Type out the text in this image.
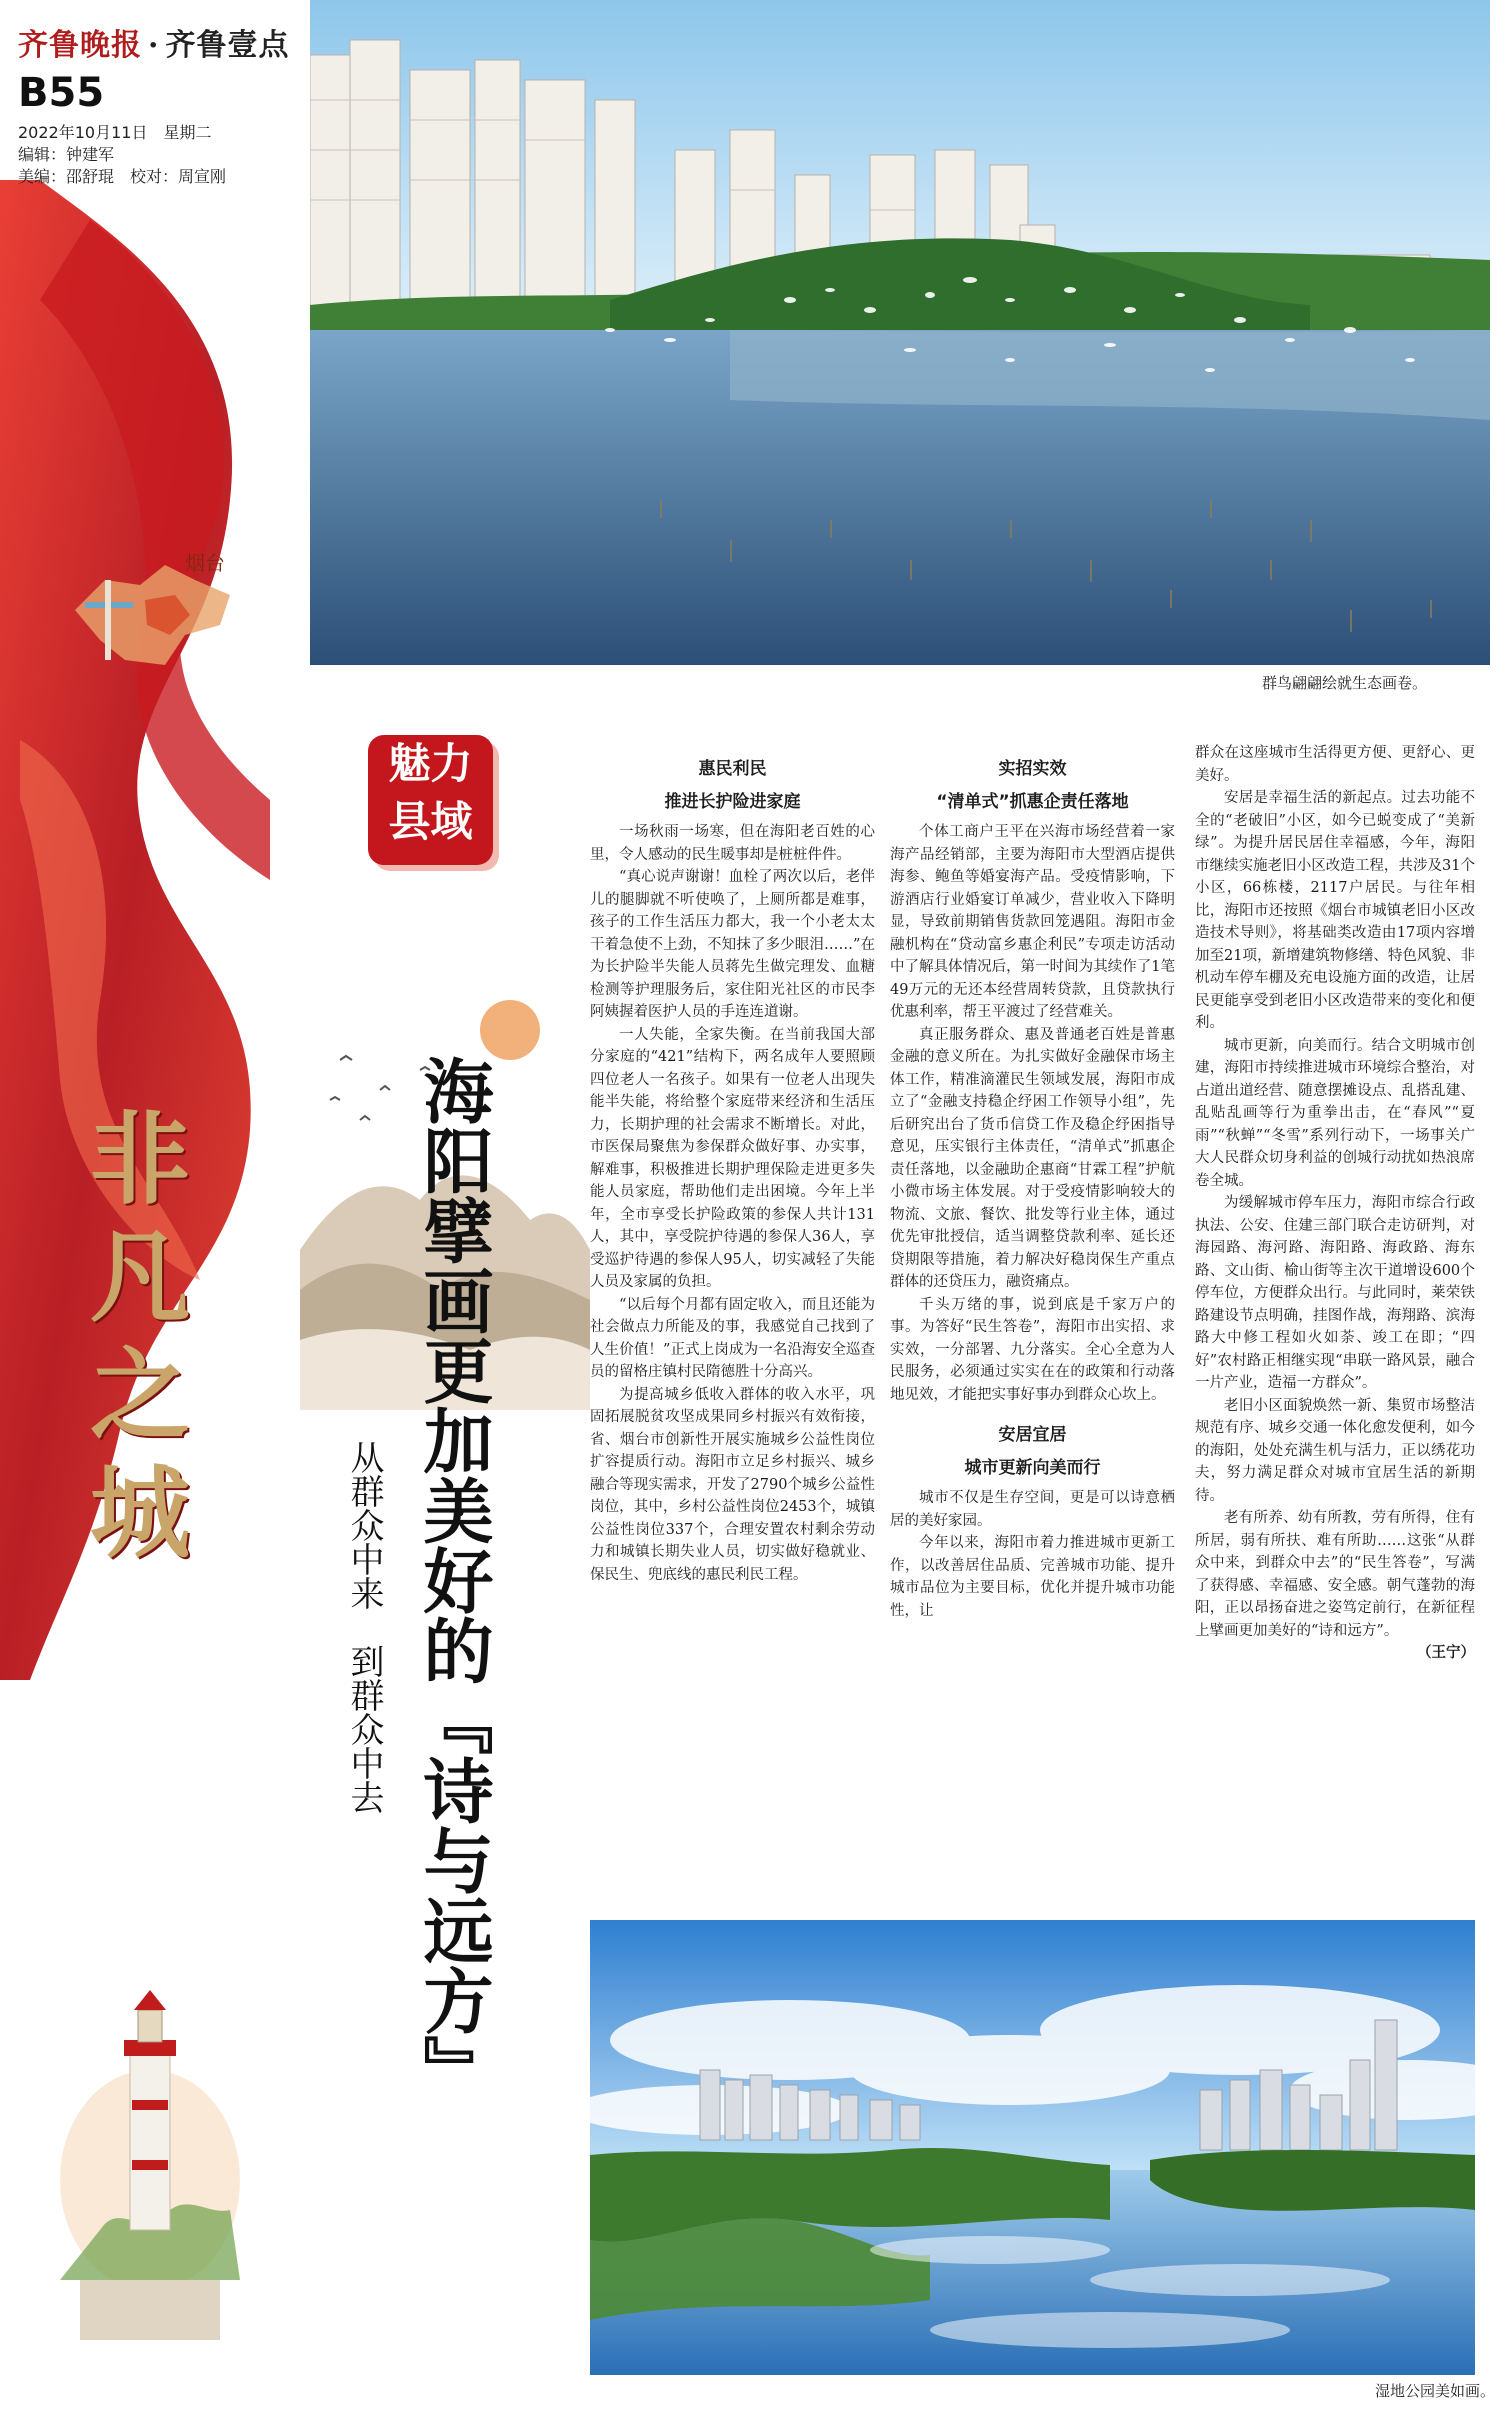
齐鲁晚报 · 齐鲁壹点
B55
2022年10月11日　星期二
编辑：钟建军
美编：邵舒琨　校对：周宣刚
烟台
非凡之城
群鸟翩翩绘就生态画卷。
魅力
县域
海阳擘画更加美好的『诗与远方』
从群众中来　到群众中去
惠民利民
推进长护险进家庭

一场秋雨一场寒，但在海阳老百姓的心里，令人感动的民生暖事却是桩桩件件。

“真心说声谢谢！血栓了两次以后，老伴儿的腿脚就不听使唤了，上厕所都是难事，孩子的工作生活压力都大，我一个小老太太干着急使不上劲，不知抹了多少眼泪……”在为长护险半失能人员蒋先生做完理发、血糖检测等护理服务后，家住阳光社区的市民李阿姨握着医护人员的手连连道谢。

一人失能，全家失衡。在当前我国大部分家庭的“421”结构下，两名成年人要照顾四位老人一名孩子。如果有一位老人出现失能半失能，将给整个家庭带来经济和生活压力，长期护理的社会需求不断增长。对此，市医保局聚焦为参保群众做好事、办实事，解难事，积极推进长期护理保险走进更多失能人员家庭，帮助他们走出困境。今年上半年，全市享受长护险政策的参保人共计131人，其中，享受院护待遇的参保人36人，享受巡护待遇的参保人95人，切实减轻了失能人员及家属的负担。

“以后每个月都有固定收入，而且还能为社会做点力所能及的事，我感觉自己找到了人生价值！”正式上岗成为一名沿海安全巡查员的留格庄镇村民隋德胜十分高兴。

为提高城乡低收入群体的收入水平，巩固拓展脱贫攻坚成果同乡村振兴有效衔接，省、烟台市创新性开展实施城乡公益性岗位扩容提质行动。海阳市立足乡村振兴、城乡融合等现实需求，开发了2790个城乡公益性岗位，其中，乡村公益性岗位2453个，城镇公益性岗位337个，合理安置农村剩余劳动力和城镇长期失业人员，切实做好稳就业、保民生、兜底线的惠民利民工程。

实招实效
“清单式”抓惠企责任落地

个体工商户王平在兴海市场经营着一家海产品经销部，主要为海阳市大型酒店提供海参、鲍鱼等婚宴海产品。受疫情影响，下游酒店行业婚宴订单减少，营业收入下降明显，导致前期销售货款回笼遇阻。海阳市金融机构在“贷动富乡惠企利民”专项走访活动中了解具体情况后，第一时间为其续作了1笔49万元的无还本经营周转贷款，且贷款执行优惠利率，帮王平渡过了经营难关。

真正服务群众、惠及普通老百姓是普惠金融的意义所在。为扎实做好金融保市场主体工作，精准滴灌民生领域发展，海阳市成立了“金融支持稳企纾困工作领导小组”，先后研究出台了货币信贷工作及稳企纾困指导意见，压实银行主体责任，“清单式”抓惠企责任落地，以金融助企惠商“甘霖工程”护航小微市场主体发展。对于受疫情影响较大的物流、文旅、餐饮、批发等行业主体，通过优先审批授信，适当调整贷款利率、延长还贷期限等措施，着力解决好稳岗保生产重点群体的还贷压力，融资痛点。

千头万绪的事，说到底是千家万户的事。为答好“民生答卷”，海阳市出实招、求实效，一分部署、九分落实。全心全意为人民服务，必须通过实实在在的政策和行动落地见效，才能把实事好事办到群众心坎上。

安居宜居
城市更新向美而行

城市不仅是生存空间，更是可以诗意栖居的美好家园。

今年以来，海阳市着力推进城市更新工作，以改善居住品质、完善城市功能、提升城市品位为主要目标，优化并提升城市功能性，让

群众在这座城市生活得更方便、更舒心、更美好。

安居是幸福生活的新起点。过去功能不全的“老破旧”小区，如今已蜕变成了“美新绿”。为提升居民居住幸福感，今年，海阳市继续实施老旧小区改造工程，共涉及31个小区，66栋楼，2117户居民。与往年相比，海阳市还按照《烟台市城镇老旧小区改造技术导则》，将基础类改造由17项内容增加至21项，新增建筑物修缮、特色风貌、非机动车停车棚及充电设施方面的改造，让居民更能享受到老旧小区改造带来的变化和便利。

城市更新，向美而行。结合文明城市创建，海阳市持续推进城市环境综合整治，对占道出道经营、随意摆摊设点、乱搭乱建、乱贴乱画等行为重拳出击，在“春风”“夏雨”“秋蝉”“冬雪”系列行动下，一场事关广大人民群众切身利益的创城行动扰如热浪席卷全城。

为缓解城市停车压力，海阳市综合行政执法、公安、住建三部门联合走访研判，对海园路、海河路、海阳路、海政路、海东路、文山街、榆山街等主次干道增设600个停车位，方便群众出行。与此同时，莱荣铁路建设节点明确，挂图作战，海翔路、滨海路大中修工程如火如荼、竣工在即；“四好”农村路正相继实现“串联一路风景，融合一片产业，造福一方群众”。

老旧小区面貌焕然一新、集贸市场整洁规范有序、城乡交通一体化愈发便利，如今的海阳，处处充满生机与活力，正以绣花功夫，努力满足群众对城市宜居生活的新期待。

老有所养、幼有所教，劳有所得，住有所居，弱有所扶、难有所助……这张“从群众中来，到群众中去”的“民生答卷”，写满了获得感、幸福感、安全感。朝气蓬勃的海阳，正以昂扬奋进之姿笃定前行，在新征程上擘画更加美好的“诗和远方”。

（王宁）

湿地公园美如画。
